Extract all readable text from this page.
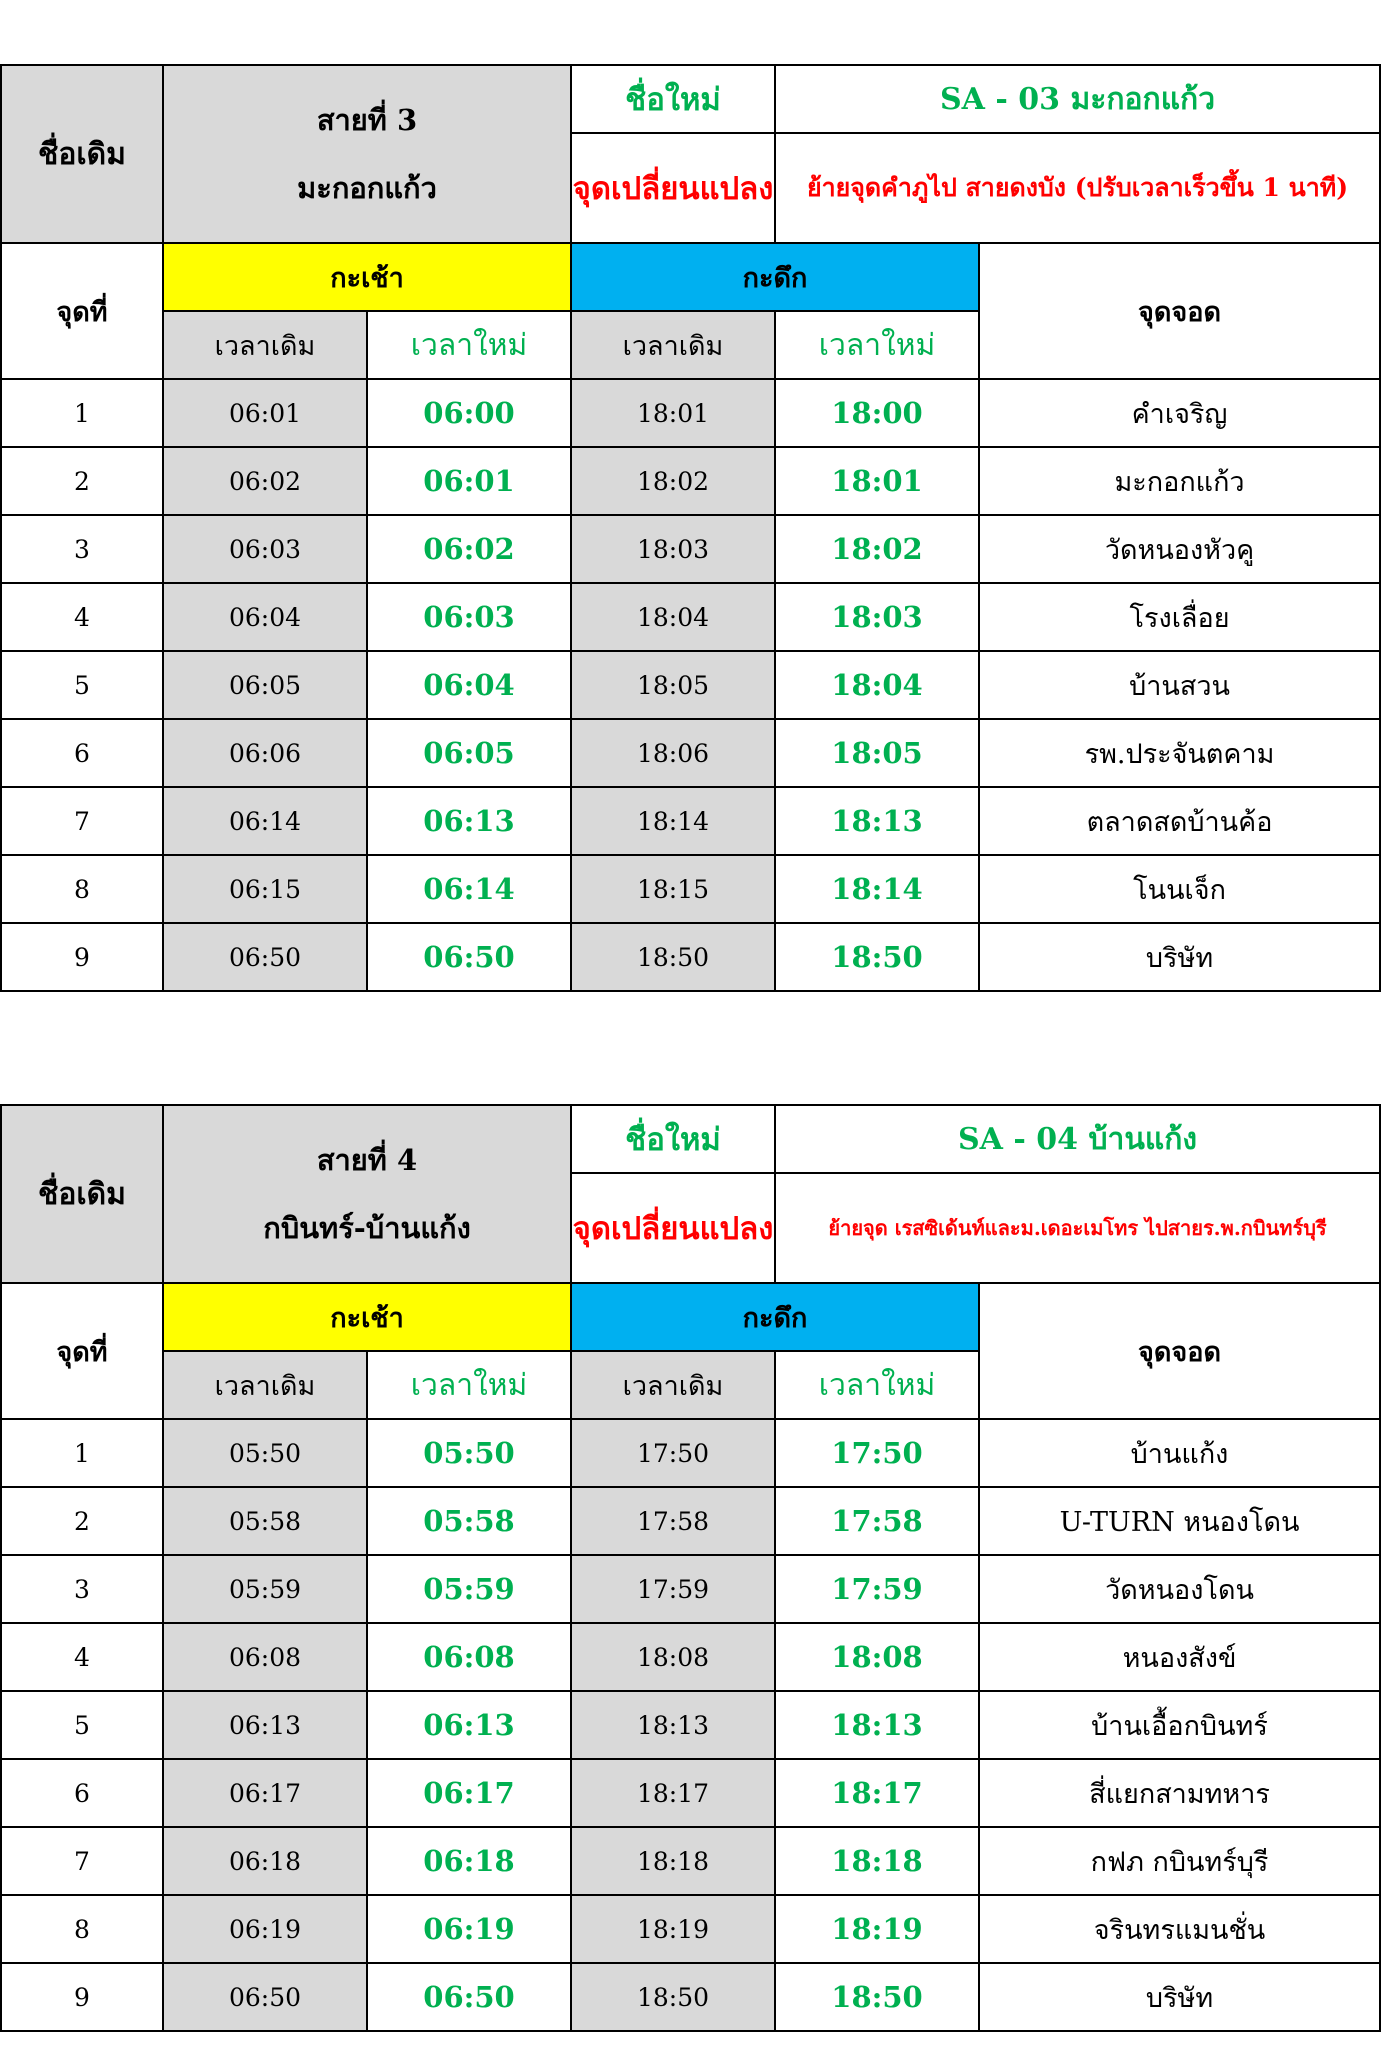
ชื่อเดิม	สายที่ 3
มะกอกแก้ว		ชื่อใหม่	SA - 03 มะกอกแก้ว	
			จุดเปลี่ยนแปลง	ย้ายจุดคำภูไป สายดงบัง (ปรับเวลาเร็วขึ้น 1 นาที)	
จุดที่	กะเช้า		กะดึก		จุดจอด
	เวลาเดิม	เวลาใหม่	เวลาเดิม	เวลาใหม่	
1	06:01	06:00	18:01	18:00	คำเจริญ
2	06:02	06:01	18:02	18:01	มะกอกแก้ว
3	06:03	06:02	18:03	18:02	วัดหนองหัวคู
4	06:04	06:03	18:04	18:03	โรงเลื่อย
5	06:05	06:04	18:05	18:04	บ้านสวน
6	06:06	06:05	18:06	18:05	รพ.ประจันตคาม
7	06:14	06:13	18:14	18:13	ตลาดสดบ้านค้อ
8	06:15	06:14	18:15	18:14	โนนเจ็ก
9	06:50	06:50	18:50	18:50	บริษัท
ชื่อเดิม	สายที่ 4
กบินทร์-บ้านแก้ง		ชื่อใหม่	SA - 04 บ้านแก้ง	
			จุดเปลี่ยนแปลง	ย้ายจุด เรสซิเด้นท์และม.เดอะเมโทร ไปสายร.พ.กบินทร์บุรี	
จุดที่	กะเช้า		กะดึก		จุดจอด
	เวลาเดิม	เวลาใหม่	เวลาเดิม	เวลาใหม่	
1	05:50	05:50	17:50	17:50	บ้านแก้ง
2	05:58	05:58	17:58	17:58	U-TURN หนองโดน
3	05:59	05:59	17:59	17:59	วัดหนองโดน
4	06:08	06:08	18:08	18:08	หนองสังข์
5	06:13	06:13	18:13	18:13	บ้านเอื้อกบินทร์
6	06:17	06:17	18:17	18:17	สี่แยกสามทหาร
7	06:18	06:18	18:18	18:18	กฟภ กบินทร์บุรี
8	06:19	06:19	18:19	18:19	จรินทรแมนชั่น
9	06:50	06:50	18:50	18:50	บริษัท
